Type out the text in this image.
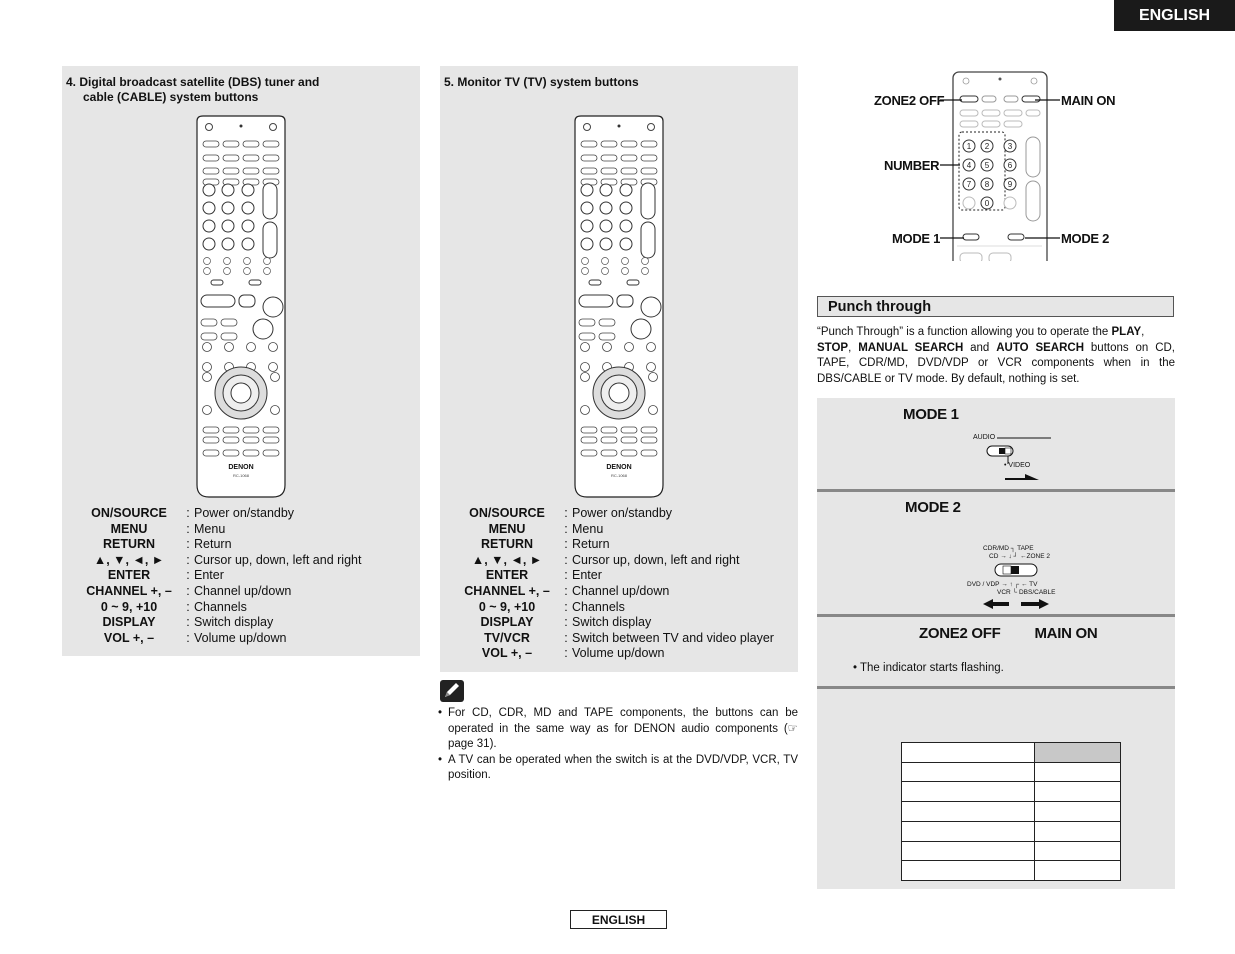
ENGLISH
4. Digital broadcast satellite (DBS) tuner and
cable (CABLE) system buttons
DENON
RC-1068
ON/SOURCE	: Power on/standby
MENU	: Menu
RETURN	: Return
▲, ▼, ◄, ►	: Cursor up, down, left and right
ENTER	: Enter
CHANNEL +, –	: Channel up/down
0 ~ 9, +10	: Channels
DISPLAY	: Switch display
VOL +, –	: Volume up/down
5. Monitor TV (TV) system buttons
DENON
RC-1068
ON/SOURCE	: Power on/standby
MENU	: Menu
RETURN	: Return
▲, ▼, ◄, ►	: Cursor up, down, left and right
ENTER	: Enter
CHANNEL +, –	: Channel up/down
0 ~ 9, +10	: Channels
DISPLAY	: Switch display
TV/VCR	: Switch between TV and video player
VOL +, –	: Volume up/down
• For CD, CDR, MD and TAPE components, the buttons can be operated in the same way as for DENON audio components (☞ page 31).
• A TV can be operated when the switch is at the DVD/VDP, VCR, TV position.
1 2 3
4 5 6
7 8 9
0
ZONE2 OFF	MAIN ON
NUMBER
MODE 1	MODE 2
Punch through
“Punch Through” is a function allowing you to operate the PLAY,
STOP, MANUAL SEARCH and AUTO SEARCH buttons on CD, TAPE, CDR/MD, DVD/VDP or VCR components when in the DBS/CABLE or TV mode. By default, nothing is set.
MODE 1
AUDIO
• VIDEO
MODE 2
CDR/MD ┐ TAPE
CD → ↓ ┘ ←ZONE 2
DVD / VDP → ↑ ┌ ← TV
VCR └ DBS/CABLE
ZONE2 OFF MAIN ON
• The indicator starts flashing.

ENGLISH
